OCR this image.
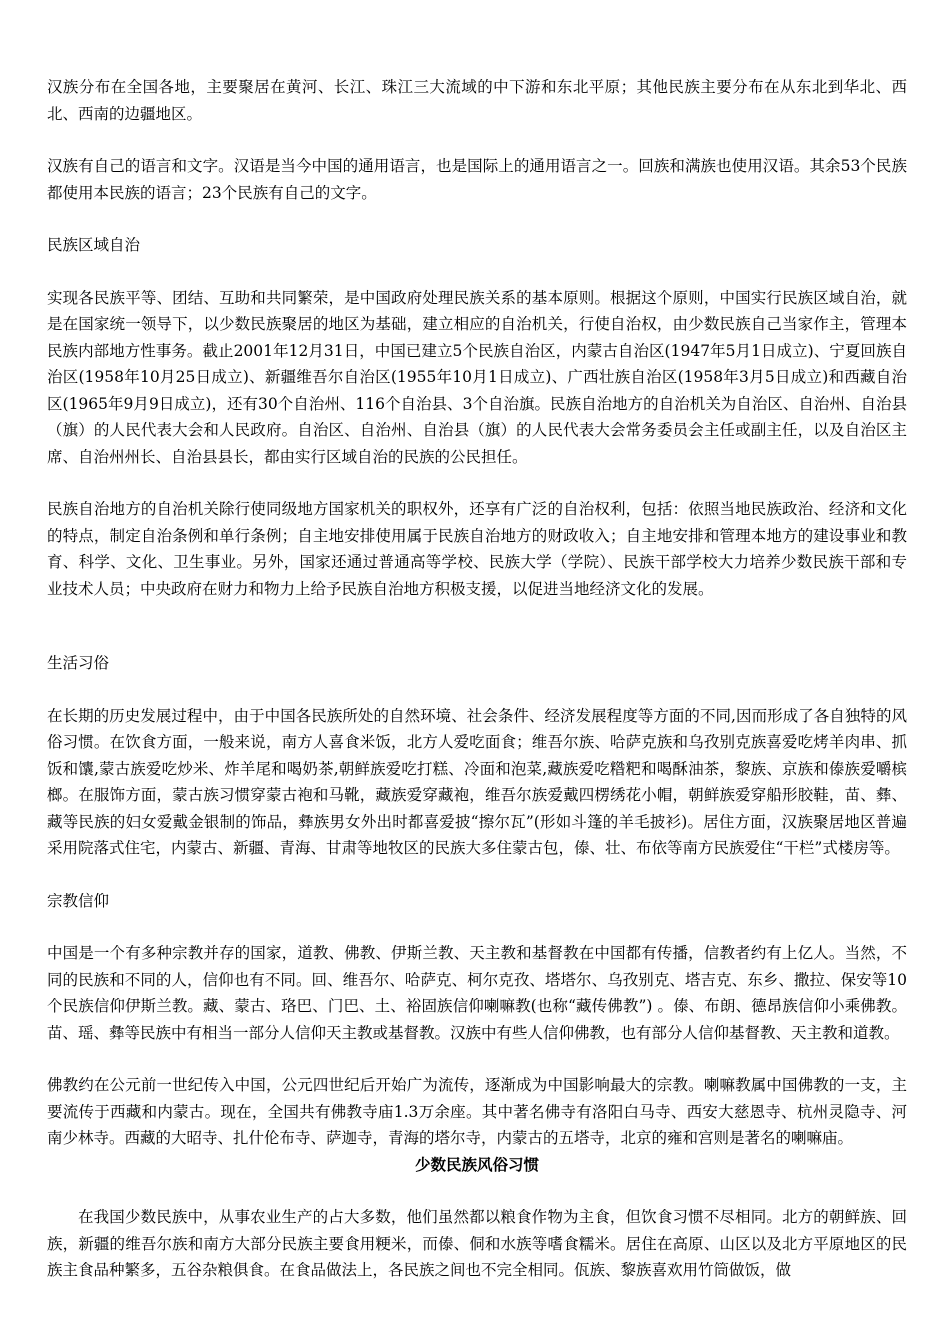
汉族分布在全国各地，主要聚居在黄河、长江、珠江三大流域的中下游和东北平原；其他民族主要分布在从东北到华北、西北、西南的边疆地区。

汉族有自己的语言和文字。汉语是当今中国的通用语言，也是国际上的通用语言之一。回族和满族也使用汉语。其余53个民族都使用本民族的语言；23个民族有自己的文字。

民族区域自治

实现各民族平等、团结、互助和共同繁荣，是中国政府处理民族关系的基本原则。根据这个原则，中国实行民族区域自治，就是在国家统一领导下，以少数民族聚居的地区为基础，建立相应的自治机关，行使自治权，由少数民族自己当家作主，管理本民族内部地方性事务。截止2001年12月31日，中国已建立5个民族自治区，内蒙古自治区(1947年5月1日成立)、宁夏回族自治区(1958年10月25日成立)、新疆维吾尔自治区(1955年10月1日成立)、广西壮族自治区(1958年3月5日成立)和西藏自治区(1965年9月9日成立)，还有30个自治州、116个自治县、3个自治旗。民族自治地方的自治机关为自治区、自治州、自治县（旗）的人民代表大会和人民政府。自治区、自治州、自治县（旗）的人民代表大会常务委员会主任或副主任，以及自治区主席、自治州州长、自治县县长，都由实行区域自治的民族的公民担任。

民族自治地方的自治机关除行使同级地方国家机关的职权外，还享有广泛的自治权利，包括：依照当地民族政治、经济和文化的特点，制定自治条例和单行条例；自主地安排使用属于民族自治地方的财政收入；自主地安排和管理本地方的建设事业和教育、科学、文化、卫生事业。另外，国家还通过普通高等学校、民族大学（学院）、民族干部学校大力培养少数民族干部和专业技术人员；中央政府在财力和物力上给予民族自治地方积极支援，以促进当地经济文化的发展。

生活习俗

在长期的历史发展过程中，由于中国各民族所处的自然环境、社会条件、经济发展程度等方面的不同,因而形成了各自独特的风俗习惯。在饮食方面，一般来说，南方人喜食米饭，北方人爱吃面食；维吾尔族、哈萨克族和乌孜别克族喜爱吃烤羊肉串、抓饭和馕,蒙古族爱吃炒米、炸羊尾和喝奶茶,朝鲜族爱吃打糕、冷面和泡菜,藏族爱吃糌粑和喝酥油茶，黎族、京族和傣族爱嚼槟榔。在服饰方面，蒙古族习惯穿蒙古袍和马靴，藏族爱穿藏袍，维吾尔族爱戴四楞绣花小帽，朝鲜族爱穿船形胶鞋，苗、彝、藏等民族的妇女爱戴金银制的饰品，彝族男女外出时都喜爱披“擦尔瓦”(形如斗篷的羊毛披衫)。居住方面，汉族聚居地区普遍采用院落式住宅，内蒙古、新疆、青海、甘肃等地牧区的民族大多住蒙古包，傣、壮、布依等南方民族爱住“干栏”式楼房等。

宗教信仰

中国是一个有多种宗教并存的国家，道教、佛教、伊斯兰教、天主教和基督教在中国都有传播，信教者约有上亿人。当然，不同的民族和不同的人，信仰也有不同。回、维吾尔、哈萨克、柯尔克孜、塔塔尔、乌孜别克、塔吉克、东乡、撒拉、保安等10个民族信仰伊斯兰教。藏、蒙古、珞巴、门巴、土、裕固族信仰喇嘛教(也称“藏传佛教”) 。傣、布朗、德昂族信仰小乘佛教。苗、瑶、彝等民族中有相当一部分人信仰天主教或基督教。汉族中有些人信仰佛教，也有部分人信仰基督教、天主教和道教。

佛教约在公元前一世纪传入中国，公元四世纪后开始广为流传，逐渐成为中国影响最大的宗教。喇嘛教属中国佛教的一支，主要流传于西藏和内蒙古。现在，全国共有佛教寺庙1.3万余座。其中著名佛寺有洛阳白马寺、西安大慈恩寺、杭州灵隐寺、河南少林寺。西藏的大昭寺、扎什伦布寺、萨迦寺，青海的塔尔寺，内蒙古的五塔寺，北京的雍和宫则是著名的喇嘛庙。

少数民族风俗习惯

在我国少数民族中，从事农业生产的占大多数，他们虽然都以粮食作物为主食，但饮食习惯不尽相同。北方的朝鲜族、回族，新疆的维吾尔族和南方大部分民族主要食用粳米，而傣、侗和水族等嗜食糯米。居住在高原、山区以及北方平原地区的民族主食品种繁多，五谷杂粮俱食。在食品做法上，各民族之间也不完全相同。佤族、黎族喜欢用竹筒做饭，做
